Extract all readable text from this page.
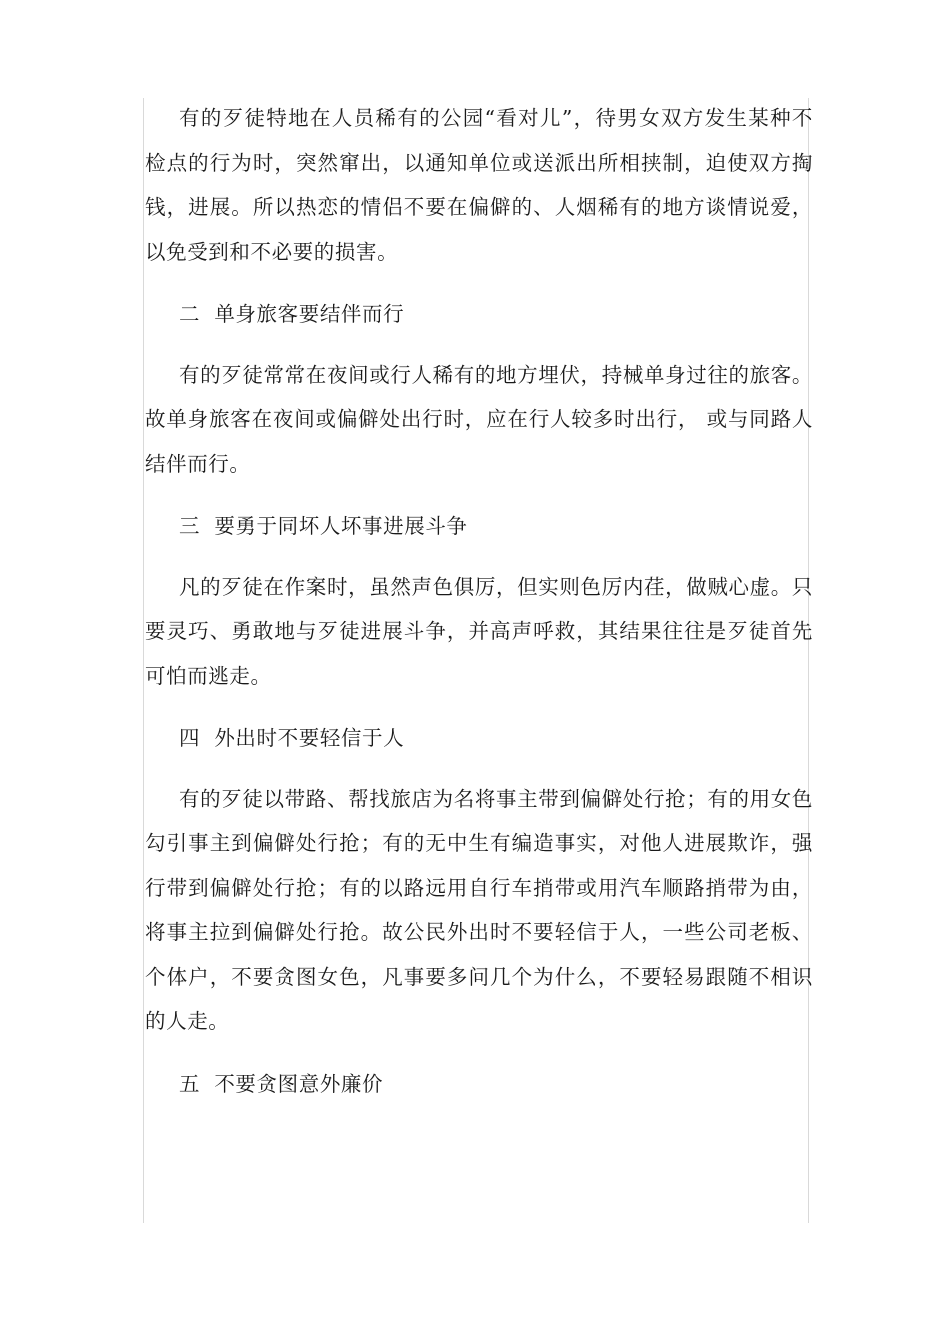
有的歹徒特地在人员稀有的公园“看对儿”，待男女双方发生某种不检点的行为时，突然窜出，以通知单位或送派出所相挟制，迫使双方掏钱，进展。所以热恋的情侣不要在偏僻的、人烟稀有的地方谈情说爱，以免受到和不必要的损害。

二  单身旅客要结伴而行

有的歹徒常常在夜间或行人稀有的地方埋伏，持械单身过往的旅客。故单身旅客在夜间或偏僻处出行时，应在行人较多时出行， 或与同路人结伴而行。

三  要勇于同坏人坏事进展斗争

凡的歹徒在作案时，虽然声色俱厉，但实则色厉内荏，做贼心虚。只要灵巧、勇敢地与歹徒进展斗争，并高声呼救，其结果往往是歹徒首先可怕而逃走。

四  外出时不要轻信于人

有的歹徒以带路、帮找旅店为名将事主带到偏僻处行抢；有的用女色勾引事主到偏僻处行抢；有的无中生有编造事实，对他人进展欺诈，强行带到偏僻处行抢；有的以路远用自行车捎带或用汽车顺路捎带为由，将事主拉到偏僻处行抢。故公民外出时不要轻信于人，一些公司老板、个体户，不要贪图女色，凡事要多问几个为什么，不要轻易跟随不相识的人走。

五  不要贪图意外廉价
